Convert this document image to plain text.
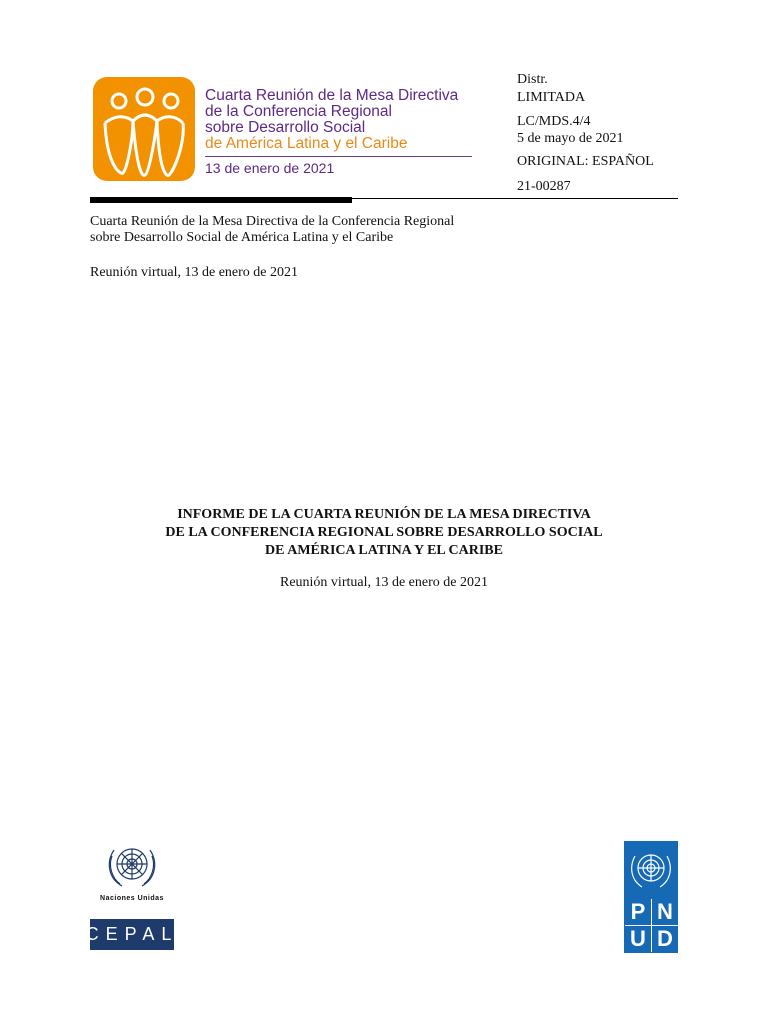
Cuarta Reunión de la Mesa Directiva
de la Conferencia Regional
sobre Desarrollo Social
de América Latina y el Caribe
13 de enero de 2021
Distr.
LIMITADA
LC/MDS.4/4
5 de mayo de 2021
ORIGINAL: ESPAÑOL
21-00287
Cuarta Reunión de la Mesa Directiva de la Conferencia Regional
sobre Desarrollo Social de América Latina y el Caribe
Reunión virtual, 13 de enero de 2021
INFORME DE LA CUARTA REUNIÓN DE LA MESA DIRECTIVA
DE LA CONFERENCIA REGIONAL SOBRE DESARROLLO SOCIAL
DE AMÉRICA LATINA Y EL CARIBE
Reunión virtual, 13 de enero de 2021
Naciones Unidas
CEPAL
P N
U D
